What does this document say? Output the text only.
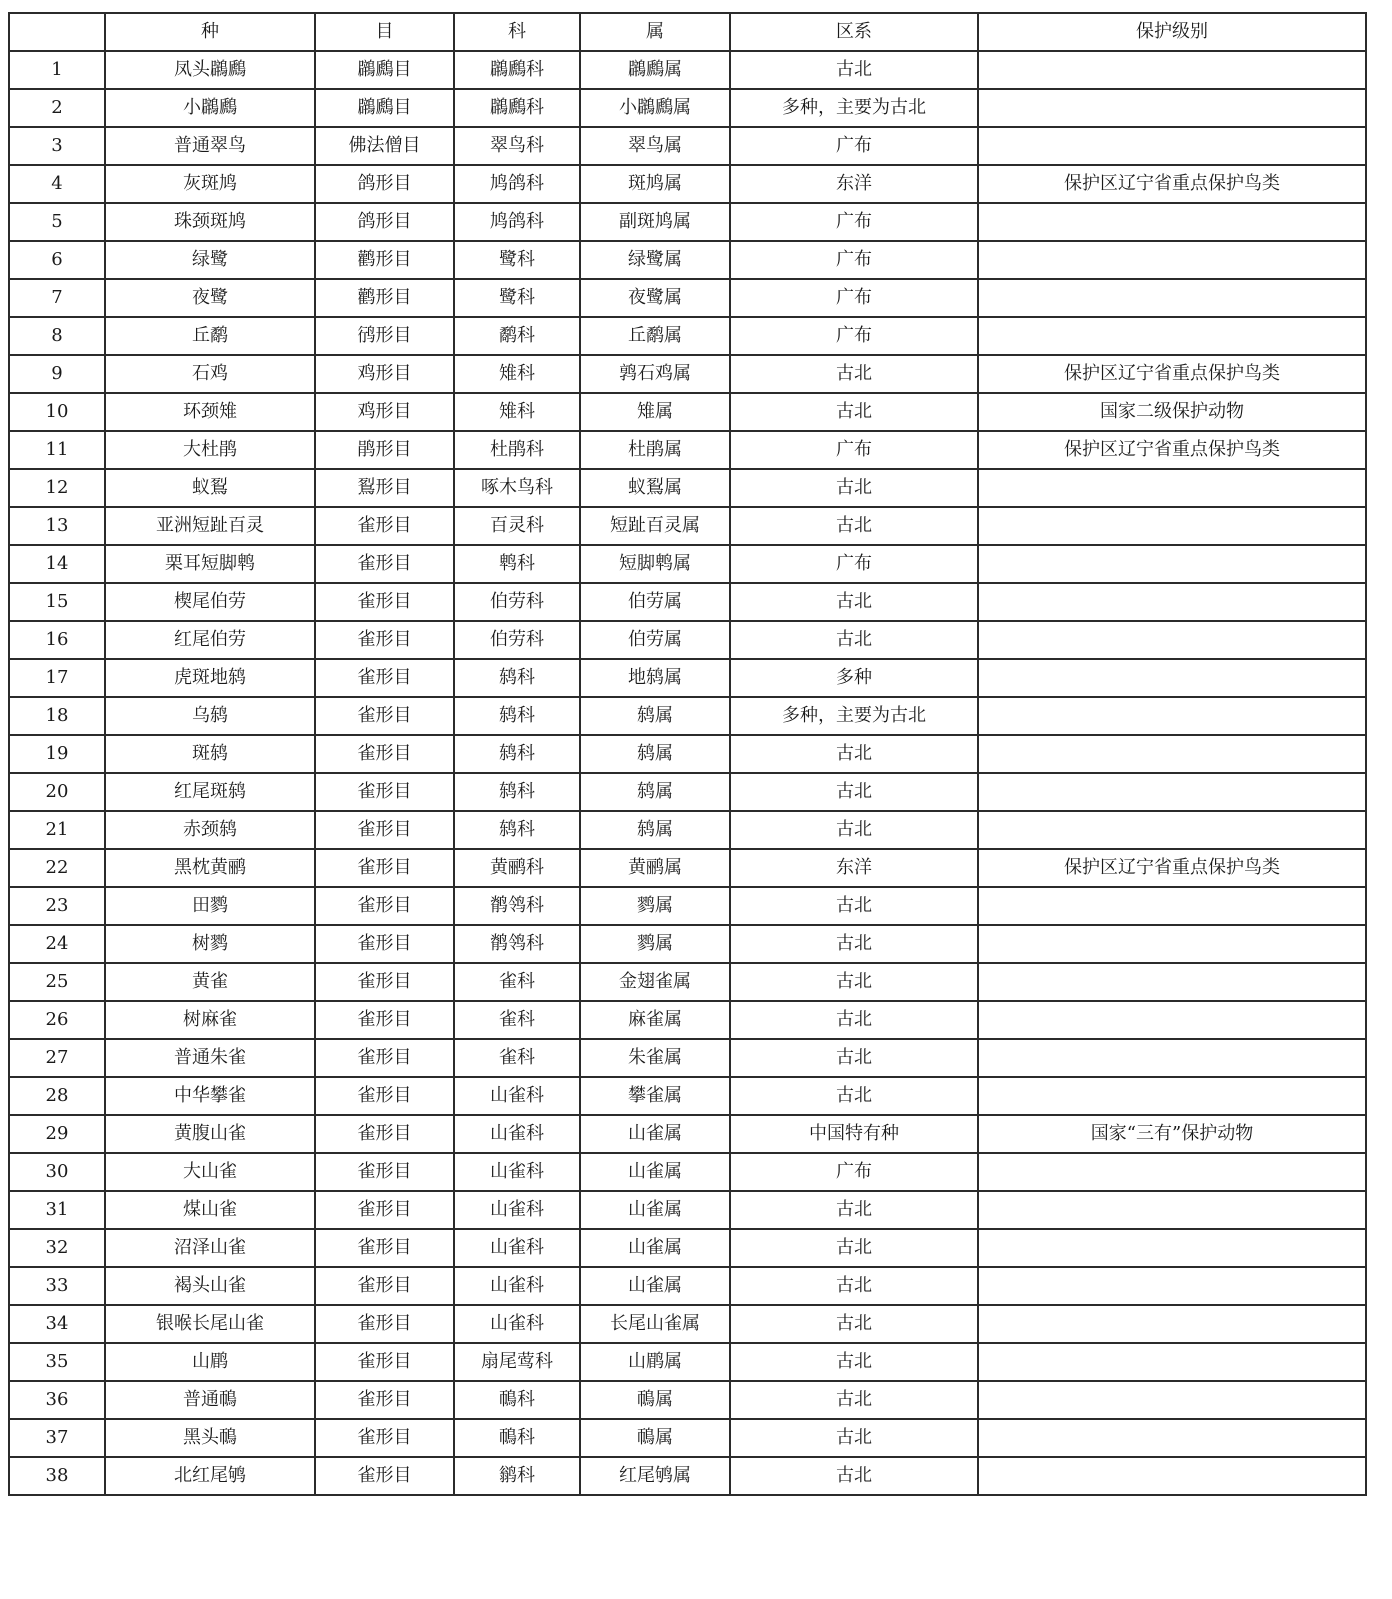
	种	目	科	属	区系	保护级别
1	凤头鸊鷉	鸊鷉目	鸊鷉科	鸊鷉属	古北	
2	小鸊鷉	鸊鷉目	鸊鷉科	小鸊鷉属	多种，主要为古北	
3	普通翠鸟	佛法僧目	翠鸟科	翠鸟属	广布	
4	灰斑鸠	鸽形目	鸠鸽科	斑鸠属	东洋	保护区辽宁省重点保护鸟类
5	珠颈斑鸠	鸽形目	鸠鸽科	副斑鸠属	广布	
6	绿鹭	鹳形目	鹭科	绿鹭属	广布	
7	夜鹭	鹳形目	鹭科	夜鹭属	广布	
8	丘鹬	鸻形目	鹬科	丘鹬属	广布	
9	石鸡	鸡形目	雉科	鹑石鸡属	古北	保护区辽宁省重点保护鸟类
10	环颈雉	鸡形目	雉科	雉属	古北	国家二级保护动物
11	大杜鹃	鹃形目	杜鹃科	杜鹃属	广布	保护区辽宁省重点保护鸟类
12	蚁鴷	鴷形目	啄木鸟科	蚁鴷属	古北	
13	亚洲短趾百灵	雀形目	百灵科	短趾百灵属	古北	
14	栗耳短脚鹎	雀形目	鹎科	短脚鹎属	广布	
15	楔尾伯劳	雀形目	伯劳科	伯劳属	古北	
16	红尾伯劳	雀形目	伯劳科	伯劳属	古北	
17	虎斑地鸫	雀形目	鸫科	地鸫属	多种	
18	乌鸫	雀形目	鸫科	鸫属	多种，主要为古北	
19	斑鸫	雀形目	鸫科	鸫属	古北	
20	红尾斑鸫	雀形目	鸫科	鸫属	古北	
21	赤颈鸫	雀形目	鸫科	鸫属	古北	
22	黑枕黄鹂	雀形目	黄鹂科	黄鹂属	东洋	保护区辽宁省重点保护鸟类
23	田鹨	雀形目	鹡鸰科	鹨属	古北	
24	树鹨	雀形目	鹡鸰科	鹨属	古北	
25	黄雀	雀形目	雀科	金翅雀属	古北	
26	树麻雀	雀形目	雀科	麻雀属	古北	
27	普通朱雀	雀形目	雀科	朱雀属	古北	
28	中华攀雀	雀形目	山雀科	攀雀属	古北	
29	黄腹山雀	雀形目	山雀科	山雀属	中国特有种	国家“三有”保护动物
30	大山雀	雀形目	山雀科	山雀属	广布	
31	煤山雀	雀形目	山雀科	山雀属	古北	
32	沼泽山雀	雀形目	山雀科	山雀属	古北	
33	褐头山雀	雀形目	山雀科	山雀属	古北	
34	银喉长尾山雀	雀形目	山雀科	长尾山雀属	古北	
35	山鹛	雀形目	扇尾莺科	山鹛属	古北	
36	普通鳾	雀形目	鳾科	鳾属	古北	
37	黑头鳾	雀形目	鳾科	鳾属	古北	
38	北红尾鸲	雀形目	鹟科	红尾鸲属	古北	
